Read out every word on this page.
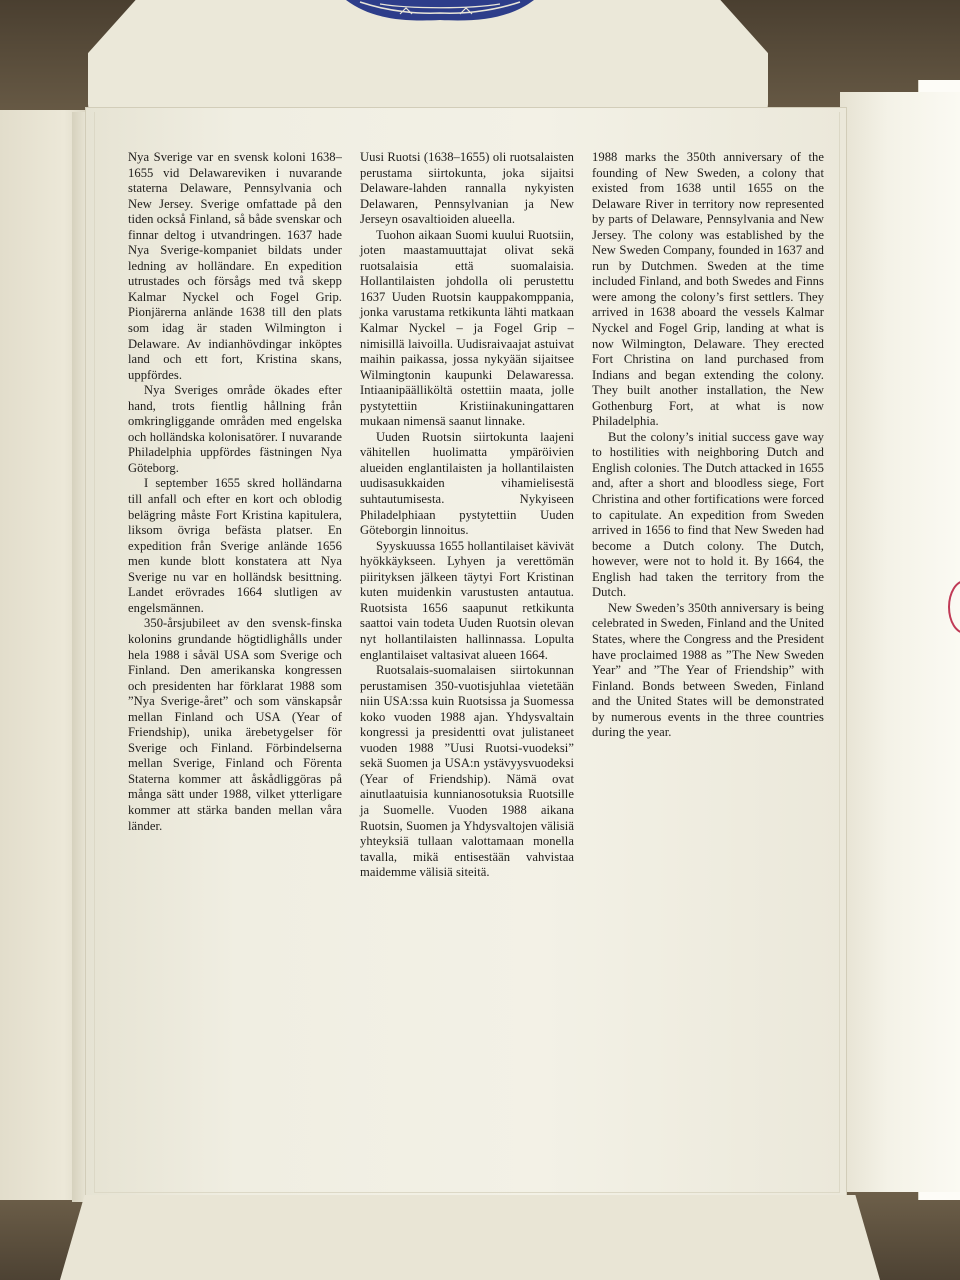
Nya Sverige var en svensk koloni 1638–1655 vid Delawareviken i nuvarande staterna Delaware, Pennsylvania och New Jersey. Sverige omfattade på den tiden också Finland, så både svenskar och finnar deltog i utvandringen. 1637 hade Nya Sverige-kompaniet bildats under ledning av holländare. En expedition utrustades och försågs med två skepp Kalmar Nyckel och Fogel Grip. Pionjärerna anlände 1638 till den plats som idag är staden Wilmington i Delaware. Av indianhövdingar inköptes land och ett fort, Kristina skans, uppfördes.

Nya Sveriges område ökades efter hand, trots fientlig hållning från omkringliggande områden med engelska och holländska kolonisatörer. I nuvarande Philadelphia uppfördes fästningen Nya Göteborg.

I september 1655 skred holländarna till anfall och efter en kort och oblodig belägring måste Fort Kristina kapitulera, liksom övriga befästa platser. En expedition från Sverige anlände 1656 men kunde blott konstatera att Nya Sverige nu var en holländsk besittning. Landet erövrades 1664 slutligen av engelsmännen.

350-årsjubileet av den svensk-finska kolonins grundande högtidlighålls under hela 1988 i såväl USA som Sverige och Finland. Den amerikanska kongressen och presidenten har förklarat 1988 som ”Nya Sverige-året” och som vänskapsår mellan Finland och USA (Year of Friendship), unika ärebetygelser för Sverige och Finland. Förbindelserna mellan Sverige, Finland och Förenta Staterna kommer att åskådliggöras på många sätt under 1988, vilket ytterligare kommer att stärka banden mellan våra länder.

Uusi Ruotsi (1638–1655) oli ruotsalaisten perustama siirtokunta, joka sijaitsi Delaware-lahden rannalla nykyisten Delawaren, Pennsylvanian ja New Jerseyn osavaltioiden alueella.

Tuohon aikaan Suomi kuului Ruotsiin, joten maastamuuttajat olivat sekä ruotsalaisia että suomalaisia. Hollantilaisten johdolla oli perustettu 1637 Uuden Ruotsin kauppakomppania, jonka varustama retkikunta lähti matkaan Kalmar Nyckel – ja Fogel Grip – nimisillä laivoilla. Uudisraivaajat astuivat maihin paikassa, jossa nykyään sijaitsee Wilmingtonin kaupunki Delawaressa. Intiaanipäälliköltä ostettiin maata, jolle pystytettiin Kristiinakuningattaren mukaan nimensä saanut linnake.

Uuden Ruotsin siirtokunta laajeni vähitellen huolimatta ympäröivien alueiden englantilaisten ja hollantilaisten uudisasukkaiden vihamielisestä suhtautumisesta. Nykyiseen Philadelphiaan pystytettiin Uuden Göteborgin linnoitus.

Syyskuussa 1655 hollantilaiset kävivät hyökkäykseen. Lyhyen ja verettömän piirityksen jälkeen täytyi Fort Kristinan kuten muidenkin varustusten antautua. Ruotsista 1656 saapunut retkikunta saattoi vain todeta Uuden Ruotsin olevan nyt hollantilaisten hallinnassa. Lopulta englantilaiset valtasivat alueen 1664.

Ruotsalais-suomalaisen siirtokunnan perustamisen 350-vuotisjuhlaa vietetään niin USA:ssa kuin Ruotsissa ja Suomessa koko vuoden 1988 ajan. Yhdysvaltain kongressi ja presidentti ovat julistaneet vuoden 1988 ”Uusi Ruotsi-vuodeksi” sekä Suomen ja USA:n ystävyysvuodeksi (Year of Friendship). Nämä ovat ainutlaatuisia kunnianosotuksia Ruotsille ja Suomelle. Vuoden 1988 aikana Ruotsin, Suomen ja Yhdysvaltojen välisiä yhteyksiä tullaan valottamaan monella tavalla, mikä entisestään vahvistaa maidemme välisiä siteitä.

1988 marks the 350th anniversary of the founding of New Sweden, a colony that existed from 1638 until 1655 on the Delaware River in territory now represented by parts of Delaware, Pennsylvania and New Jersey. The colony was established by the New Sweden Company, founded in 1637 and run by Dutchmen. Sweden at the time included Finland, and both Swedes and Finns were among the colony’s first settlers. They arrived in 1638 aboard the vessels Kalmar Nyckel and Fogel Grip, landing at what is now Wilmington, Delaware. They erected Fort Christina on land purchased from Indians and began extending the colony. They built another installation, the New Gothenburg Fort, at what is now Philadelphia.

But the colony’s initial success gave way to hostilities with neighboring Dutch and English colonies. The Dutch attacked in 1655 and, after a short and bloodless siege, Fort Christina and other fortifications were forced to capitulate. An expedition from Sweden arrived in 1656 to find that New Sweden had become a Dutch colony. The Dutch, however, were not to hold it. By 1664, the English had taken the territory from the Dutch.

New Sweden’s 350th anniversary is being celebrated in Sweden, Finland and the United States, where the Congress and the President have proclaimed 1988 as ”The New Sweden Year” and ”The Year of Friendship” with Finland. Bonds between Sweden, Finland and the United States will be demonstrated by numerous events in the three countries during the year.
